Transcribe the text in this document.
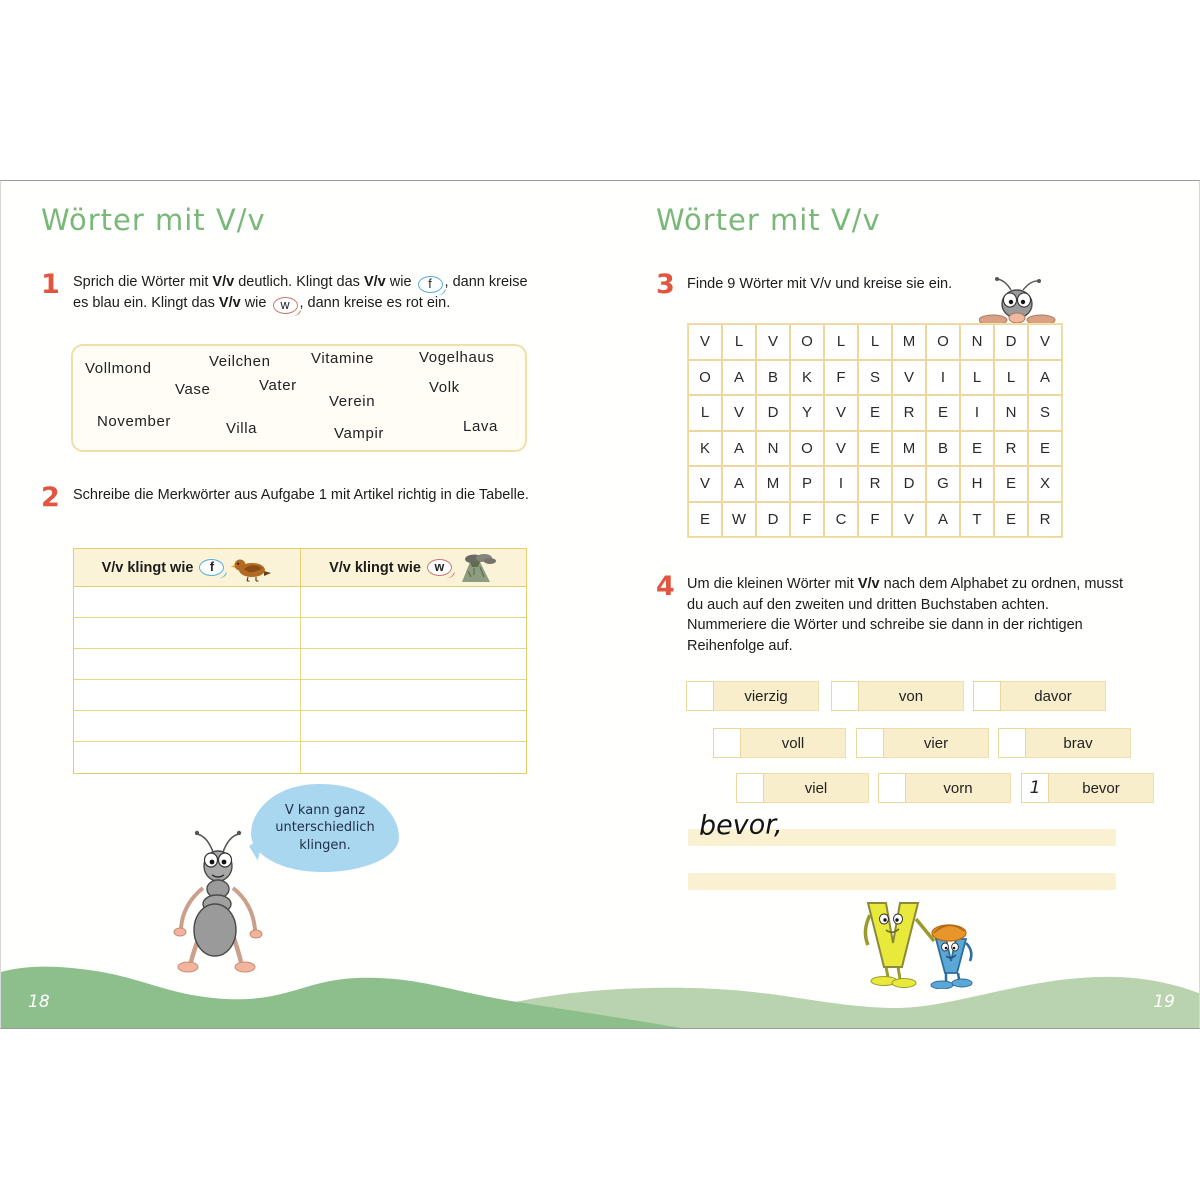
Wörter mit V/v
1 Sprich die Wörter mit V/v deutlich. Klingt das V/v wie f , dann kreise es blau ein. Klingt das V/v wie w , dann kreise es rot ein.
Vollmond	Veilchen	Vitamine	Vogelhaus
Vase	Vater
Verein
Volk
November	Villa	Vampir	Lava
2 Schreibe die Merkwörter aus Aufgabe 1 mit Artikel richtig in die Tabelle.
V/v klingt wie	f	V/v klingt wie	w
V kann ganz unterschiedlich klingen.
Wörter mit V/v
3 Finde 9 Wörter mit V/v und kreise sie ein.
V	L	V	O	L	L	M	O	N	D	V
O	A	B	K	F	S	V	I	L	L	A
L	V	D	Y	V	E	R	E	I	N	S
K	A	N	O	V	E	M	B	E	R	E
V	A	M	P	I	R	D	G	H	E	X
E	W	D	F	C	F	V	A	T	E	R
4 Um die kleinen Wörter mit V/v nach dem Alphabet zu ordnen, musst du auch auf den zweiten und dritten Buchstaben achten. Nummeriere die Wörter und schreibe sie dann in der richtigen Reihenfolge auf.
vierzig	von	davor
voll	vier	brav
viel	vorn	1	bevor
bevor,
18	19
